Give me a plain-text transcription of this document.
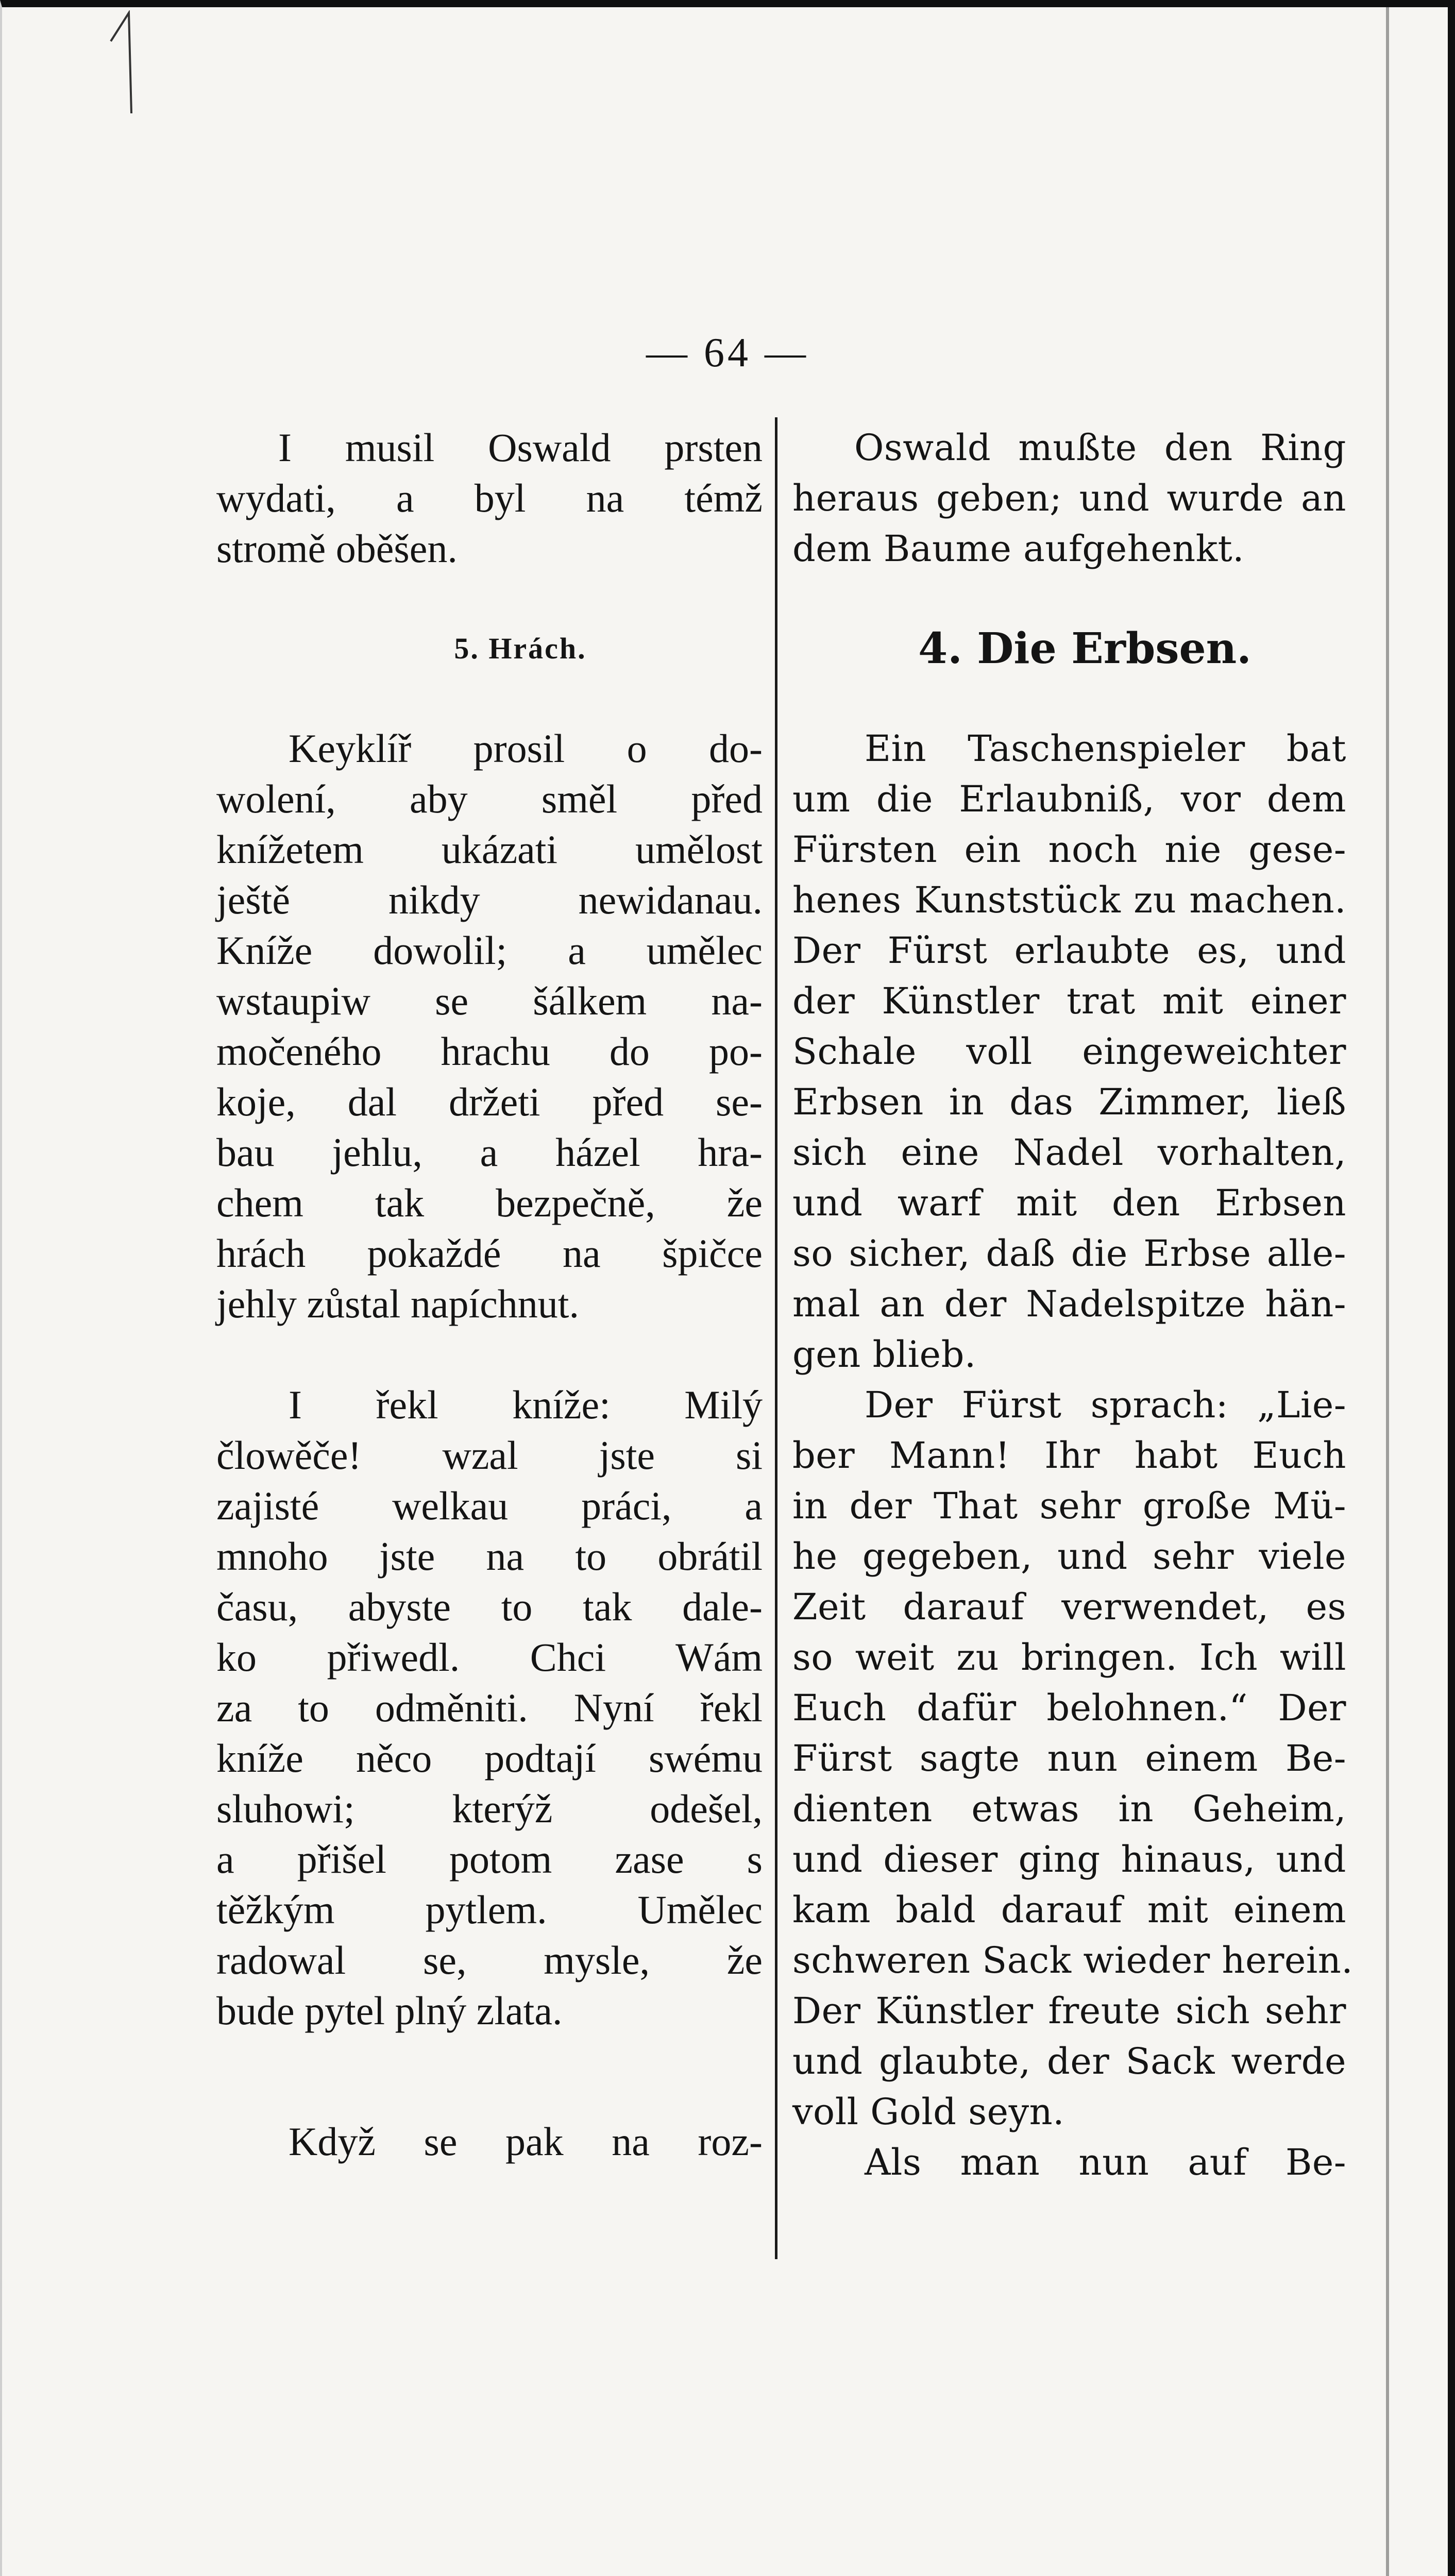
— 64 —
I musil Oswald prsten
wydati, a byl na témž
stromě oběšen.
5. Hrách.
Keyklíř prosil o do-
wolení, aby směl před
knížetem ukázati umělost
ještě nikdy newidanau.
Kníže dowolil; a umělec
wstaupiw se šálkem na-
močeného hrachu do po-
koje, dal držeti před se-
bau jehlu, a házel hra-
chem tak bezpečně, že
hrách pokaždé na špičce
jehly zůstal napíchnut.
I řekl kníže: Milý
člowěče! wzal jste si
zajisté welkau práci, a
mnoho jste na to obrátil
času, abyste to tak dale-
ko přiwedl. Chci Wám
za to odměniti. Nyní řekl
kníže něco podtají swému
sluhowi; kterýž odešel,
a přišel potom zase s
těžkým pytlem. Umělec
radowal se, mysle, že
bude pytel plný zlata.
Když se pak na roz-
Oswald mußte den Ring
heraus geben; und wurde an
dem Baume aufgehenkt.
4. Die Erbsen.
Ein Taschenspieler bat
um die Erlaubniß, vor dem
Fürsten ein noch nie gese-
henes Kunststück zu machen.
Der Fürst erlaubte es, und
der Künstler trat mit einer
Schale voll eingeweichter
Erbsen in das Zimmer, ließ
sich eine Nadel vorhalten,
und warf mit den Erbsen
so sicher, daß die Erbse alle-
mal an der Nadelspitze hän-
gen blieb.
Der Fürst sprach: „Lie-
ber Mann! Ihr habt Euch
in der That sehr große Mü-
he gegeben, und sehr viele
Zeit darauf verwendet, es
so weit zu bringen. Ich will
Euch dafür belohnen.“ Der
Fürst sagte nun einem Be-
dienten etwas in Geheim,
und dieser ging hinaus, und
kam bald darauf mit einem
schweren Sack wieder herein.
Der Künstler freute sich sehr
und glaubte, der Sack werde
voll Gold seyn.
Als man nun auf Be-
